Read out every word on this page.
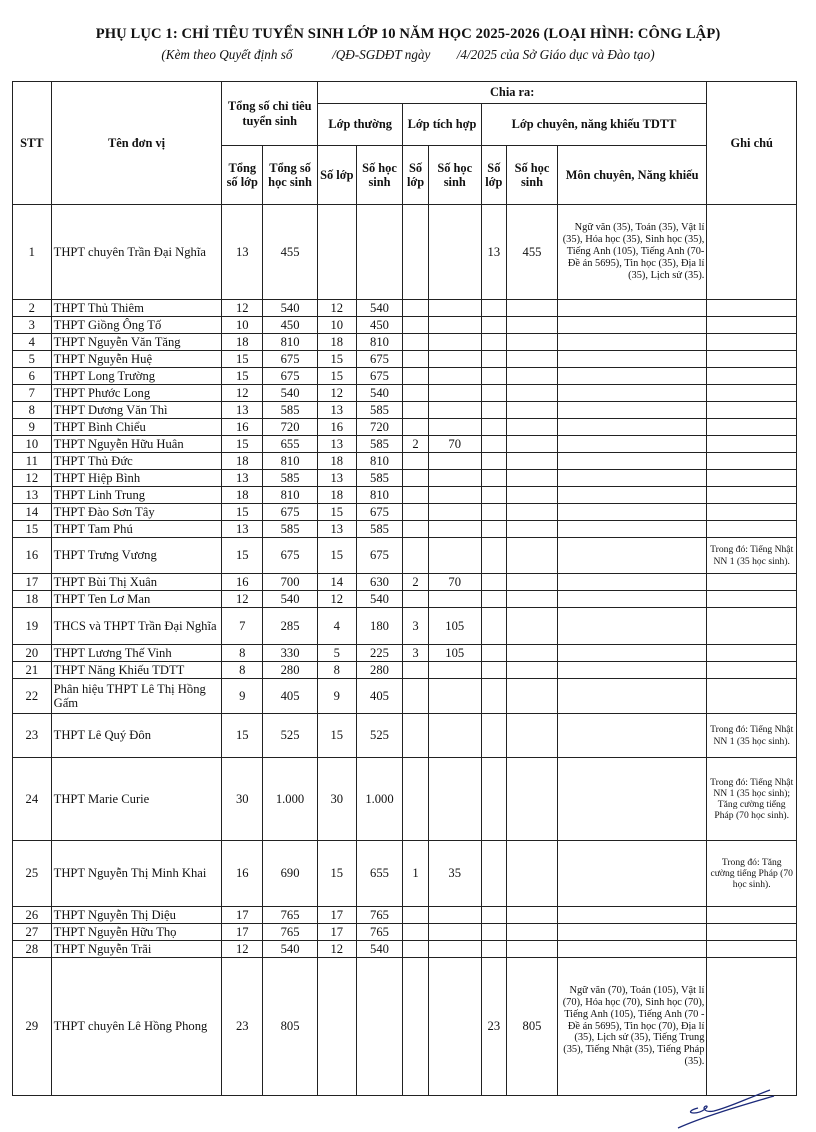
PHỤ LỤC 1: CHỈ TIÊU TUYỂN SINH LỚP 10 NĂM HỌC 2025-2026 (LOẠI HÌNH: CÔNG LẬP)
(Kèm theo Quyết định số            /QĐ-SGDĐT ngày        /4/2025 của Sở Giáo dục và Đào tạo)
STT	Tên đơn vị	Tổng số chỉ tiêu tuyển sinh		Chia ra:							Ghi chú
				Lớp thường		Lớp tích hợp		Lớp chuyên, năng khiếu TDTT			
		Tổng số lớp	Tổng số học sinh	Số lớp	Số học sinh	Số lớp	Số học sinh	Số lớp	Số học sinh	Môn chuyên, Năng khiếu	
1	THPT chuyên Trần Đại Nghĩa	13	455					13	455	Ngữ văn (35), Toán (35), Vật lí (35), Hóa học (35), Sinh học (35), Tiếng Anh (105), Tiếng Anh (70- Đề án 5695), Tin học (35), Địa lí (35), Lịch sử (35).	
2	THPT Thủ Thiêm	12	540	12	540						
3	THPT Giồng Ông Tố	10	450	10	450						
4	THPT Nguyễn Văn Tăng	18	810	18	810						
5	THPT Nguyễn Huệ	15	675	15	675						
6	THPT Long Trường	15	675	15	675						
7	THPT Phước Long	12	540	12	540						
8	THPT Dương Văn Thì	13	585	13	585						
9	THPT Bình Chiểu	16	720	16	720						
10	THPT Nguyễn Hữu Huân	15	655	13	585	2	70				
11	THPT Thủ Đức	18	810	18	810						
12	THPT Hiệp Bình	13	585	13	585						
13	THPT Linh Trung	18	810	18	810						
14	THPT Đào Sơn Tây	15	675	15	675						
15	THPT Tam Phú	13	585	13	585						
16	THPT Trưng Vương	15	675	15	675						Trong đó: Tiếng Nhật NN 1 (35 học sinh).
17	THPT Bùi Thị Xuân	16	700	14	630	2	70				
18	THPT Ten Lơ Man	12	540	12	540						
19	THCS và THPT Trần Đại Nghĩa	7	285	4	180	3	105				
20	THPT Lương Thế Vinh	8	330	5	225	3	105				
21	THPT Năng Khiếu TDTT	8	280	8	280						
22	Phân hiệu THPT Lê Thị Hồng Gấm	9	405	9	405						
23	THPT Lê Quý Đôn	15	525	15	525						Trong đó: Tiếng Nhật NN 1 (35 học sinh).
24	THPT Marie Curie	30	1.000	30	1.000						Trong đó: Tiếng Nhật NN 1 (35 học sinh); Tăng cường tiếng Pháp (70 học sinh).
25	THPT Nguyễn Thị Minh Khai	16	690	15	655	1	35				Trong đó: Tăng cường tiếng Pháp (70 học sinh).
26	THPT Nguyễn Thị Diệu	17	765	17	765						
27	THPT Nguyễn Hữu Thọ	17	765	17	765						
28	THPT Nguyễn Trãi	12	540	12	540						
29	THPT chuyên Lê Hồng Phong	23	805					23	805	Ngữ văn (70), Toán (105), Vật lí (70), Hóa học (70), Sinh học (70), Tiếng Anh (105), Tiếng Anh (70 - Đề án 5695), Tin học (70), Địa lí (35), Lịch sử (35), Tiếng Trung (35), Tiếng Nhật (35), Tiếng Pháp (35).	
